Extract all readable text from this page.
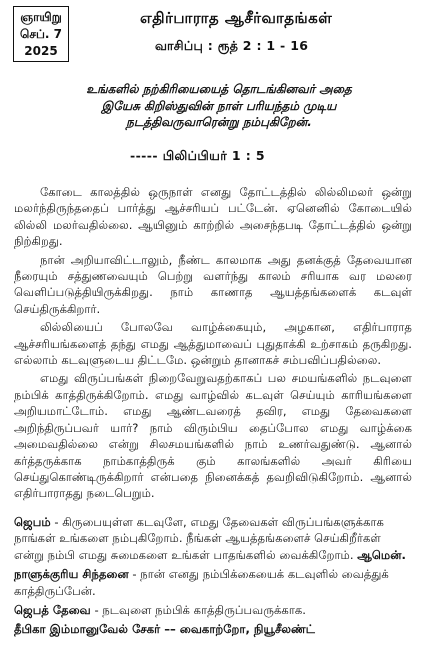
ஞாயிறு
செப். 7
2025
எதிர்பாராத ஆசீர்வாதங்கள்
வாசிப்பு : ரூத் 2 : 1 - 16
உங்களில் நற்கிரியையைத் தொடங்கினவர் அதை
இயேசு கிறிஸ்துவின் நாள் பரியந்தம் முடிய
நடத்திவருவாரென்று நம்புகிறேன்.
----- பிலிப்பியர் 1 : 5

கோடை காலத்தில் ஒருநாள் எனது தோட்டத்தில் லில்லிமலர் ஒன்று மலர்ந்திருந்ததைப் பார்த்து ஆச்சரியப் பட்டேன். ஏனெனில் கோடையில் லில்லி மலர்வதில்லை. ஆயினும் காற்றில் அசைந்தபடி தோட்டத்தில் ஒன்று நிற்கிறது.

நான் அறியாவிட்டாலும், நீண்ட காலமாக அது தனக்குத் தேவையான நீரையும் சத்துணவையும் பெற்று வளர்ந்து காலம் சரியாக வர மலரை வெளிப்படுத்தியிருக்கிறது. நாம் காணாத ஆயத்தங்களைக் கடவுள் செய்திருக்கிறார்.

லில்லியைப் போலவே வாழ்க்கையும், அழகான, எதிர்பாராத ஆச்சரியங்களைத் தந்து எமது ஆத்துமாவைப் புதுதாக்கி உற்சாகம் தருகிறது. எல்லாம் கடவுளுடைய திட்டமே. ஒன்றும் தானாகச் சம்பவிப்பதில்லை.

எமது விருப்பங்கள் நிறைவேறுவதற்காகப் பல சமயங்களில் நடவுளை நம்பிக் காத்திருக்கிறோம். எமது வாழ்வில் கடவுள் செய்யும் காரியங்களை அறியமாட்டோம். எமது ஆண்டவரைத் தவிர, எமது தேவைகளை அறிந்திருப்பவர் யார்? நாம் விரும்பிய தைப்போல எமது வாழ்க்கை அமைவதில்லை என்று சிலசமயங்களில் நாம் உணர்வதுண்டு. ஆனால் கர்த்தருக்காக நாம்காத்திருக் கும் காலங்களில் அவர் கிரியை செய்துகொண்டிருக்கிறார் என்பதை நினைக்கத் தவறிவிடுகிறோம். ஆனால் எதிர்பாராதது நடைபெறும்.

ஜெபம் - கிருபையுள்ள கடவுளே, எமது தேவைகள் விருப்பங்களுக்காக நாங்கள் உங்களை நம்புகிறோம். நீங்கள் ஆயத்தங்களைச் செய்கிறீர்கள் என்று நம்பி எமது சுமைகளை உங்கள் பாதங்களில் வைக்கிறோம். ஆமென்.

நாளுக்குரிய சிந்தனை - நான் எனது நம்பிக்கையைக் கடவுளில் வைத்துக் காத்திருப்பேன்.

ஜெபத் தேவை - நடவுளை நம்பிக் காத்திருப்பவருக்காக.

தீபிகா இம்மானுவேல் சேகர் –– வைகாற்றோ, நியூசீலண்ட்
